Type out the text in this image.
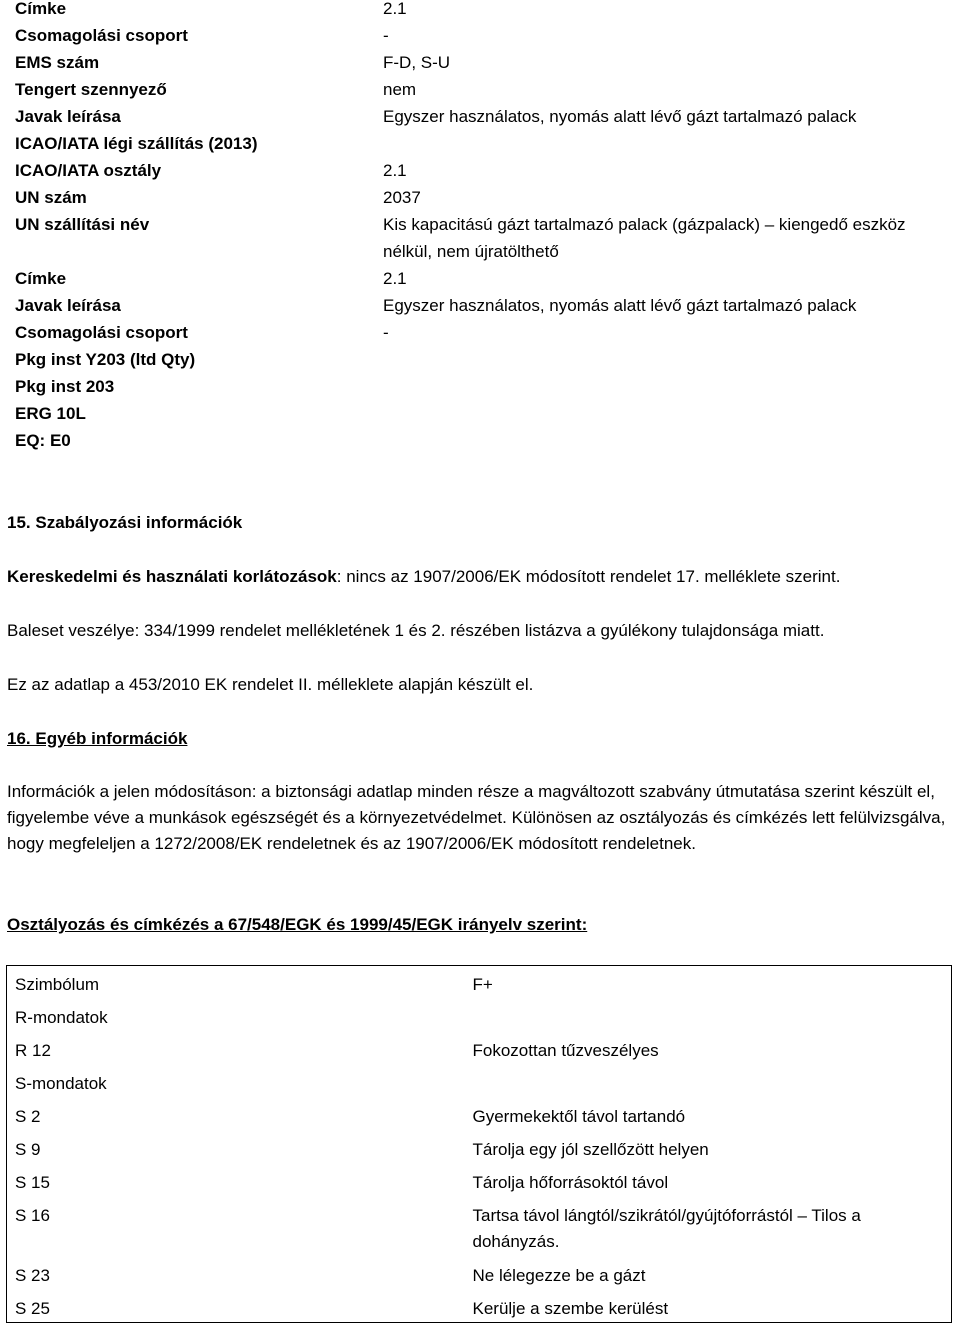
Címke	2.1
Csomagolási csoport	-
EMS szám	F-D, S-U
Tengert szennyező	nem
Javak leírása	Egyszer használatos, nyomás alatt lévő gázt tartalmazó palack
ICAO/IATA légi szállítás (2013)
ICAO/IATA osztály	2.1
UN szám	2037
UN szállítási név	Kis kapacitású gázt tartalmazó palack (gázpalack) – kiengedő eszköz
nélkül, nem újratölthető
Címke	2.1
Javak leírása	Egyszer használatos, nyomás alatt lévő gázt tartalmazó palack
Csomagolási csoport	-
Pkg inst Y203 (ltd Qty)
Pkg inst 203
ERG 10L
EQ: E0
15. Szabályozási információk
Kereskedelmi és használati korlátozások: nincs az 1907/2006/EK módosított rendelet 17. melléklete szerint.
Baleset veszélye: 334/1999 rendelet mellékletének 1 és 2. részében listázva a gyúlékony tulajdonsága miatt.
Ez az adatlap a 453/2010 EK rendelet II. mélleklete alapján készült el.
16. Egyéb információk
Információk a jelen módosításon: a biztonsági adatlap minden része a magváltozott szabvány útmutatása szerint készült el, figyelembe véve a munkások egészségét és a környezetvédelmet. Különösen az osztályozás és címkézés lett felülvizsgálva, hogy megfeleljen a 1272/2008/EK rendeletnek és az 1907/2006/EK módosított rendeletnek.
Osztályozás és címkézés a 67/548/EGK és 1999/45/EGK irányelv szerint:
Szimbólum	F+
R-mondatok	
R 12	Fokozottan tűzveszélyes
S-mondatok	
S 2	Gyermekektől távol tartandó
S 9	Tárolja egy jól szellőzött helyen
S 15	Tárolja hőforrásoktól távol
S 16	Tartsa távol lángtól/szikrától/gyújtóforrástól – Tilos a dohányzás.
S 23	Ne lélegezze be a gázt
S 25	Kerülje a szembe kerülést
